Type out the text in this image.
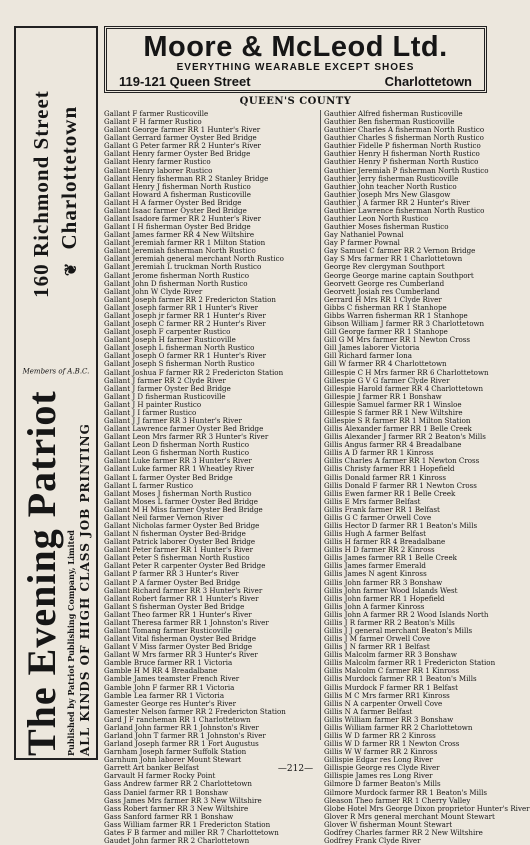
The Evening Patriot Published by Patriot Publishing Company, Limited ALL KINDS OF HIGH CLASS JOB PRINTING
Members of A.B.C.
160 Richmond Street ❦ Charlottetown
Moore & McLeod Ltd.
EVERYTHING WEARABLE EXCEPT SHOES
119-121 Queen Street	Charlottetown
QUEEN'S COUNTY
Gallant F farmer Rusticoville
Gallant F H farmer Rustico
Gallant George farmer RR 1 Hunter's River
Gallant Gerrard farmer Oyster Bed Bridge
Gallant G Peter farmer RR 2 Hunter's River
Gallant Henry farmer Oyster Bed Bridge
Gallant Henry farmer Rustico
Gallant Henry laborer Rustico
Gallant Henry fisherman RR 2 Stanley Bridge
Gallant Henry J fisherman North Rustico
Gallant Howard A fisherman Rusticoville
Gallant H A farmer Oyster Bed Bridge
Gallant Isaac farmer Oyster Bed Bridge
Gallant Isadore farmer RR 2 Hunter's River
Gallant I H fisherman Oyster Bed Bridge
Gallant James farmer RR 4 New Wiltshire
Gallant Jeremiah farmer RR 1 Milton Station
Gallant Jeremiah fisherman North Rustico
Gallant Jeremiah general merchant North Rustico
Gallant Jeremiah L truckman North Rustico
Gallant Jerome fisherman North Rustico
Gallant John D fisherman North Rustico
Gallant John W Clyde River
Gallant Joseph farmer RR 2 Fredericton Station
Gallant Joseph farmer RR 1 Hunter's River
Gallant Joseph jr farmer RR 1 Hunter's River
Gallant Joseph C farmer RR 2 Hunter's River
Gallant Joseph F carpenter Rustico
Gallant Joseph H farmer Rusticoville
Gallant Joseph L fisherman North Rustico
Gallant Joseph O farmer RR 1 Hunter's River
Gallant Joseph S fisherman North Rustico
Gallant Joshua F farmer RR 2 Fredericton Station
Gallant J farmer RR 2 Clyde River
Gallant J farmer Oyster Bed Bridge
Gallant J D fisherman Rusticoville
Gallant J H painter Rustico
Gallant J I farmer Rustico
Gallant J J farmer RR 3 Hunter's River
Gallant Lawrence farmer Oyster Bed Bridge
Gallant Leon Mrs farmer RR 3 Hunter's River
Gallant Leon D fisherman North Rustico
Gallant Leon G fisherman North Rustico
Gallant Luke farmer RR 3 Hunter's River
Gallant Luke farmer RR 1 Wheatley River
Gallant L farmer Oyster Bed Bridge
Gallant L farmer Rustico
Gallant Moses J fisherman North Rustico
Gallant Moses L farmer Oyster Bed Bridge
Gallant M H Miss farmer Oyster Bed Bridge
Gallant Neil farmer Vernon River
Gallant Nicholas farmer Oyster Bed Bridge
Gallant N fisherman Oyster Bed-Bridge
Gallant Patrick laborer Oyster Bed Bridge
Gallant Peter farmer RR 1 Hunter's River
Gallant Peter S fisherman North Rustico
Gallant Peter R carpenter Oyster Bed Bridge
Gallant P farmer RR 3 Hunter's River
Gallant P A farmer Oyster Bed Bridge
Gallant Richard farmer RR 3 Hunter's River
Gallant Robert farmer RR 1 Hunter's River
Gallant S fisherman Oyster Bed Bridge
Gallant Theo farmer RR 1 Hunter's River
Gallant Theresa farmer RR 1 Johnston's River
Gallant Tomang farmer Rusticoville
Gallant Vital fisherman Oyster Bed Bridge
Gallant V Miss farmer Oyster Bed Bridge
Gallant W Mrs farmer RR 3 Hunter's River
Gamble Bruce farmer RR 1 Victoria
Gamble H M RR 4 Breadalbane
Gamble James teamster French River
Gamble John F farmer RR 1 Victoria
Gamble Lea farmer RR 1 Victoria
Gamester George res Hunter's River
Gamester Nelson farmer RR 2 Fredericton Station
Gard J F rancheman RR 1 Charlottetown
Garland John farmer RR 1 Johnston's River
Garland John T farmer RR 1 Johnston's River
Garland Joseph farmer RR 1 Fort Augustus
Garnham Joseph farmer Suffolk Station
Garnhum John laborer Mount Stewart
Garrett Art banker Belfast
Garvault H farmer Rocky Point
Gass Andrew farmer RR 2 Charlottetown
Gass Daniel farmer RR 1 Bonshaw
Gass James Mrs farmer RR 3 New Wiltshire
Gass Robert farmer RR 3 New Wiltshire
Gass Sanford farmer RR 1 Bonshaw
Gass William farmer RR 1 Fredericton Station
Gates F B farmer and miller RR 7 Charlottetown
Gaudet John farmer RR 2 Charlottetown
Gauthier Alfred fisherman Rusticoville
Gauthier Ben fisherman Rusticoville
Gauthier Charles A fisherman North Rustico
Gauthier Charles S fisherman North Rustico
Gauthier Fidelle P fisherman North Rustico
Gauthier Henry H fisherman North Rustico
Gauthier Henry P fisherman North Rustico
Gauthier Jeremiah P fisherman North Rustico
Gauthier Jerry fisherman Rusticoville
Gauthier John teacher North Rustico
Gauthier Joseph Mrs New Glasgow
Gauthier J A farmer RR 2 Hunter's River
Gauthier Lawrence fisherman North Rustico
Gauthier Leon North Rustico
Gauthier Moses fisherman Rustico
Gay Nathaniel Pownal
Gay P farmer Pownal
Gay Samuel C farmer RR 2 Vernon Bridge
Gay S Mrs farmer RR 1 Charlottetown
George Rev clergyman Southport
George George marine captain Southport
Georvett George res Cumberland
Georvett Josiah res Cumberland
Gerrard H Mrs RR 1 Clyde River
Gibbs C fisherman RR 1 Stanhope
Gibbs Warren fisherman RR 1 Stanhope
Gibson William J farmer RR 3 Charlottetown
Gill George farmer RR 1 Stanhope
Gill G M Mrs farmer RR 1 Newton Cross
Gill James laborer Victoria
Gill Richard farmer Iona
Gill W farmer RR 4 Charlottetown
Gillespie C H Mrs farmer RR 6 Charlottetown
Gillespie G V G farmer Clyde River
Gillespie Harold farmer RR 4 Charlottetown
Gillespie J farmer RR 1 Bonshaw
Gillespie Samuel farmer RR 1 Winsloe
Gillespie S farmer RR 1 New Wiltshire
Gillespie S R farmer RR 1 Milton Station
Gillis Alexander farmer RR 1 Belle Creek
Gillis Alexander J farmer RR 2 Beaton's Mills
Gillis Angus farmer RR 4 Breadalbane
Gillis A D farmer RR 1 Kinross
Gillis Charles A farmer RR 1 Newton Cross
Gillis Christy farmer RR 1 Hopefield
Gillis Donald farmer RR 1 Kinross
Gillis Donald F farmer RR 1 Newton Cross
Gillis Ewen farmer RR 1 Belle Creek
Gillis E Mrs farmer Belfast
Gillis Frank farmer RR 1 Belfast
Gillis G C farmer Orwell Cove
Gillis Hector D farmer RR 1 Beaton's Mills
Gillis Hugh A farmer Belfast
Gillis H farmer RR 4 Breadalbane
Gillis H D farmer RR 2 Kinross
Gillis James farmer RR 1 Belle Creek
Gillis James farmer Emerald
Gillis James N agent Kinross
Gillis John farmer RR 3 Bonshaw
Gillis John farmer Wood Islands West
Gillis John farmer RR 1 Hopefield
Gillis John A farmer Kinross
Gillis John A farmer RR 2 Wood Islands North
Gillis J R farmer RR 2 Beaton's Mills
Gillis J J general merchant Beaton's Mills
Gillis J M farmer Orwell Cove
Gillis J N farmer RR 1 Belfast
Gillis Malcolm farmer RR 3 Bonshaw
Gillis Malcolm farmer RR 1 Fredericton Station
Gillis Malcolm C farmer RR 1 Kinross
Gillis Murdock farmer RR 1 Beaton's Mills
Gillis Murdock F farmer RR 1 Belfast
Gillis M C Mrs farmer RR1 Kinross
Gillis N A carpenter Orwell Cove
Gillis N A farmer Belfast
Gillis William farmer RR 3 Bonshaw
Gillis William farmer RR 2 Charlottetown
Gillis W D farmer RR 2 Kinross
Gillis W D farmer RR 1 Newton Cross
Gillis W W farmer RR 2 Kinross
Gillispie Edgar res Long River
Gillispie George res Clyde River
Gillispie James res Long River
Gilmore D farmer Beaton's Mills
Gilmore Murdock farmer RR 1 Beaton's Mills
Gleason Theo farmer RR 1 Cherry Valley
Globe Hotel Mrs George Dixon proprietor Hunter's River
Glover R Mrs general merchant Mount Stewart
Glover W fisherman Mount Stewart
Godfrey Charles farmer RR 2 New Wiltshire
Godfrey Frank Clyde River
—212—
